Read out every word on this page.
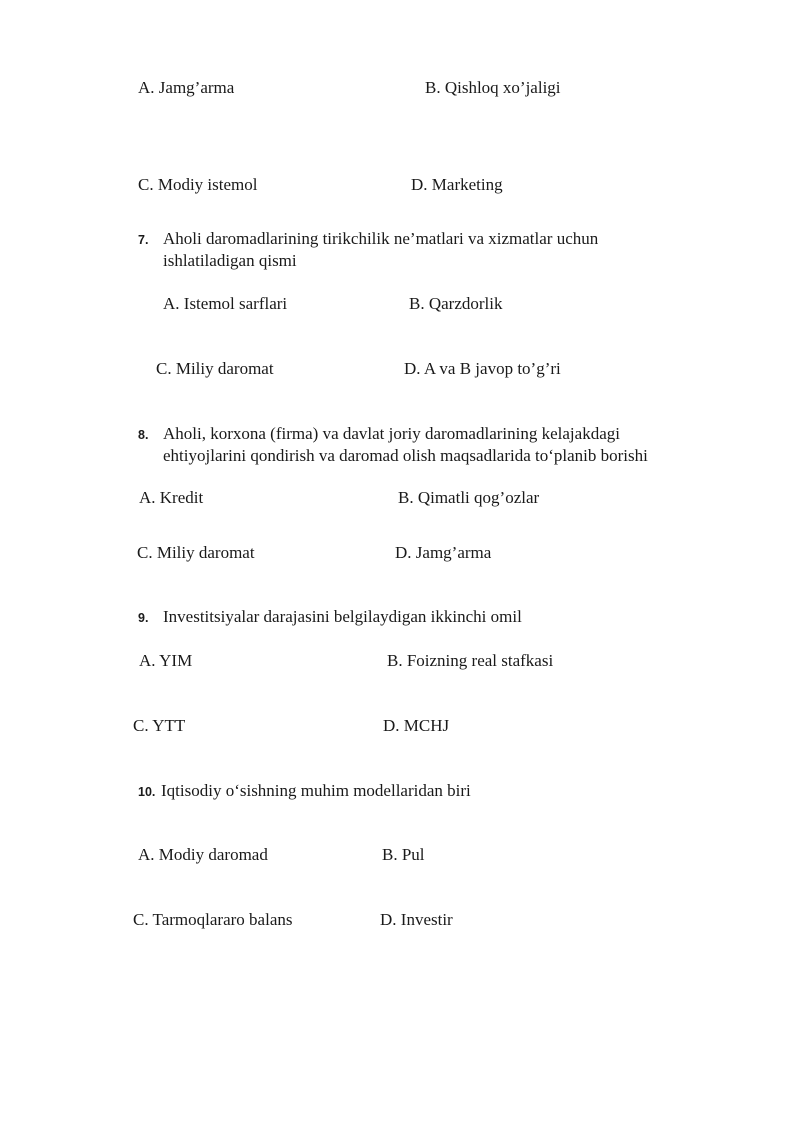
A. Jamg’arma	B. Qishloq xo’jaligi
C. Modiy istemol	D. Marketing
7. Aholi daromadlarining tirikchilik ne’matlari va xizmatlar uchun
ishlatiladigan qismi
A. Istemol sarflari	B. Qarzdorlik
C. Miliy daromat	D. A va B javop to’g’ri
8. Aholi, korxona (firma) va davlat joriy daromadlarining kelajakdagi
ehtiyojlarini qondirish va daromad olish maqsadlarida to‘planib borishi
A. Kredit	B. Qimatli qog’ozlar
C. Miliy daromat	D. Jamg’arma
9. Investitsiyalar darajasini belgilaydigan ikkinchi omil
A. YIM	B. Foizning real stafkasi
C. YTT	D. MCHJ
10. Iqtisodiy o‘sishning muhim modellaridan biri
A. Modiy daromad	B. Pul
C. Tarmoqlararo balans	D. Investir
